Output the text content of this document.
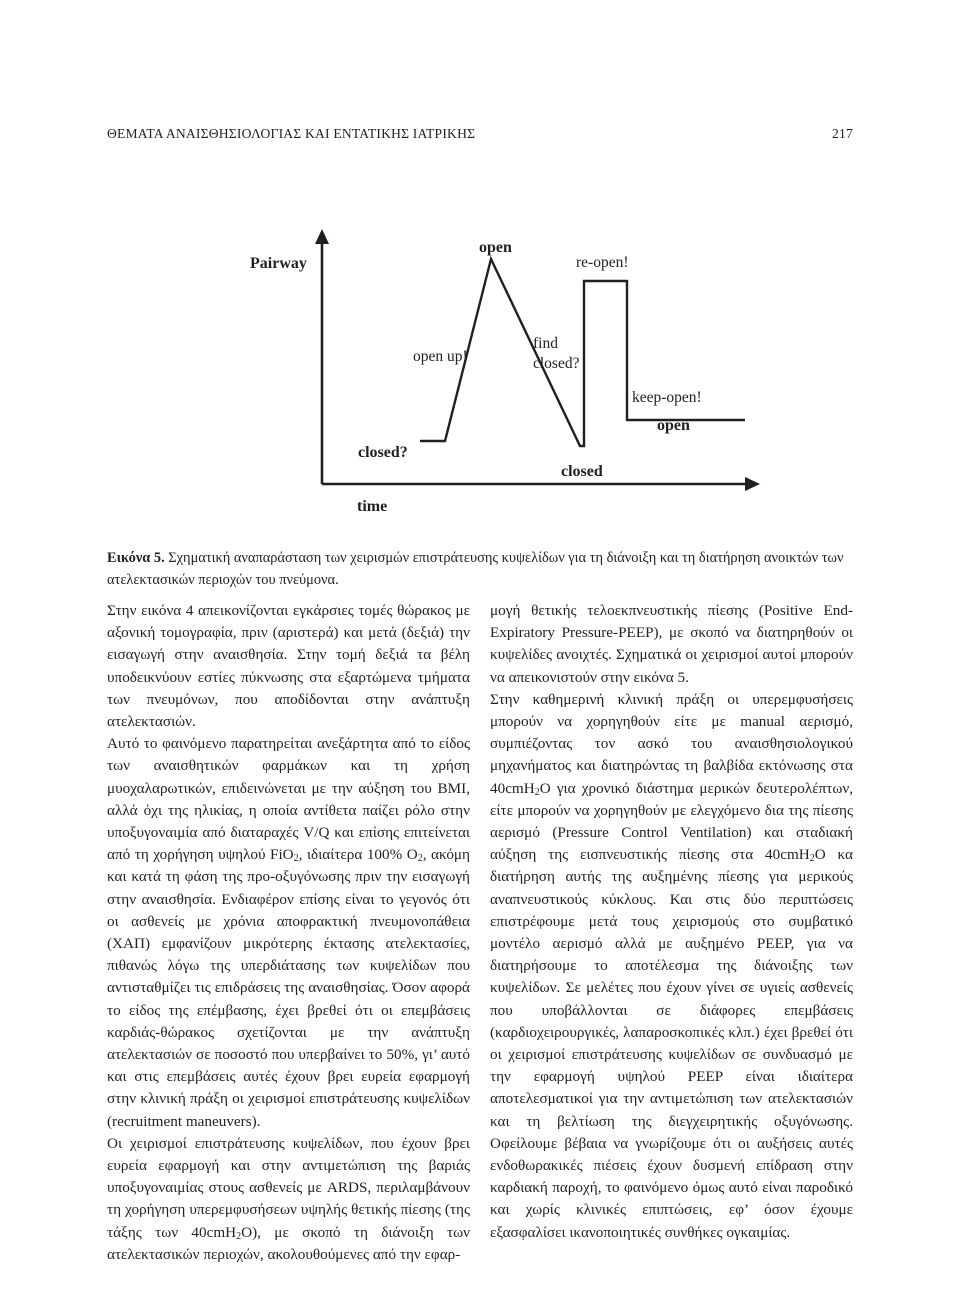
ΘΕΜΑΤΑ ΑΝΑΙΣΘΗΣΙΟΛΟΓΙΑΣ ΚΑΙ ΕΝΤΑΤΙΚΗΣ ΙΑΤΡΙΚΗΣ	217
Pairway
time
open
re-open!
open up!
find
closed?
keep-open!
open
closed?
closed
Εικόνα 5. Σχηματική αναπαράσταση των χειρισμών επιστράτευσης κυψελίδων για τη διάνοιξη και τη διατήρηση ανοικτών των ατελεκτασικών περιοχών του πνεύμονα.

Στην εικόνα 4 απεικονίζονται εγκάρσιες τομές θώρακος με αξονική τομογραφία, πριν (αριστερά) και μετά (δεξιά) την εισαγωγή στην αναισθησία. Στην τομή δεξιά τα βέλη υποδεικνύουν εστίες πύκνωσης στα εξαρτώμενα τμήματα των πνευμόνων, που αποδίδονται στην ανάπτυξη ατελεκτασιών.

Αυτό το φαινόμενο παρατηρείται ανεξάρτητα από το είδος των αναισθητικών φαρμάκων και τη χρήση μυοχαλαρωτικών, επιδεινώνεται με την αύξηση του BMI, αλλά όχι της ηλικίας, η οποία αντίθετα παίζει ρόλο στην υποξυγοναιμία από διαταραχές V/Q και επίσης επιτείνεται από τη χορήγηση υψηλού FiO$_2$, ιδιαίτερα 100% $O_2$, ακόμη και κατά τη φάση της προ-οξυγόνωσης πριν την εισαγωγή στην αναισθησία. Ενδιαφέρον επίσης είναι το γεγονός ότι οι ασθενείς με χρόνια αποφρακτική πνευμονοπάθεια (ΧΑΠ) εμφανίζουν μικρότερης έκτασης ατελεκτασίες, πιθανώς λόγω της υπερδιάτασης των κυψελίδων που αντισταθμίζει τις επιδράσεις της αναισθησίας. Όσον αφορά το είδος της επέμβασης, έχει βρεθεί ότι οι επεμβάσεις καρδιάς-θώρακος σχετίζονται με την ανάπτυξη ατελεκτασιών σε ποσοστό που υπερβαίνει το 50%, γι’ αυτό και στις επεμβάσεις αυτές έχουν βρει ευρεία εφαρμογή στην κλινική πράξη οι χειρισμοί επιστράτευσης κυψελίδων (recruitment maneuvers).

Οι χειρισμοί επιστράτευσης κυψελίδων, που έχουν βρει ευρεία εφαρμογή και στην αντιμετώπιση της βαριάς υποξυγοναιμίας στους ασθενείς με ARDS, περιλαμβάνουν τη χορήγηση υπερεμφυσήσεων υψηλής θετικής πίεσης (της τάξης των 40cmH$_2$O), με σκοπό τη διάνοιξη των ατελεκτασικών περιοχών, ακολουθούμενες από την εφαρ-

μογή θετικής τελοεκπνευστικής πίεσης (Positive End-Expiratory Pressure-PEEP), με σκοπό να διατηρηθούν οι κυψελίδες ανοιχτές. Σχηματικά οι χειρισμοί αυτοί μπορούν να απεικονιστούν στην εικόνα 5.

Στην καθημερινή κλινική πράξη οι υπερεμφυσήσεις μπορούν να χορηγηθούν είτε με manual αερισμό, συμπιέζοντας τον ασκό του αναισθησιολογικού μηχανήματος και διατηρώντας τη βαλβίδα εκτόνωσης στα 40cmH$_2$O για χρονικό διάστημα μερικών δευτερολέπτων, είτε μπορούν να χορηγηθούν με ελεγχόμενο δια της πίεσης αερισμό (Pressure Control Ventilation) και σταδιακή αύξηση της εισπνευστικής πίεσης στα 40cmH$_2$O κα διατήρηση αυτής της αυξημένης πίεσης για μερικούς αναπνευστικούς κύκλους. Και στις δύο περιπτώσεις επιστρέφουμε μετά τους χειρισμούς στο συμβατικό μοντέλο αερισμό αλλά με αυξημένο PEEP, για να διατηρήσουμε το αποτέλεσμα της διάνοιξης των κυψελίδων. Σε μελέτες που έχουν γίνει σε υγιείς ασθενείς που υποβάλλονται σε διάφορες επεμβάσεις (καρδιοχειρουργικές, λαπαροσκοπικές κλπ.) έχει βρεθεί ότι οι χειρισμοί επιστράτευσης κυψελίδων σε συνδυασμό με την εφαρμογή υψηλού PEEP είναι ιδιαίτερα αποτελεσματικοί για την αντιμετώπιση των ατελεκτασιών και τη βελτίωση της διεγχειρητικής οξυγόνωσης. Οφείλουμε βέβαια να γνωρίζουμε ότι οι αυξήσεις αυτές ενδοθωρακικές πιέσεις έχουν δυσμενή επίδραση στην καρδιακή παροχή, το φαινόμενο όμως αυτό είναι παροδικό και χωρίς κλινικές επιπτώσεις, εφ’ όσον έχουμε εξασφαλίσει ικανοποιητικές συνθήκες ογκαιμίας.
